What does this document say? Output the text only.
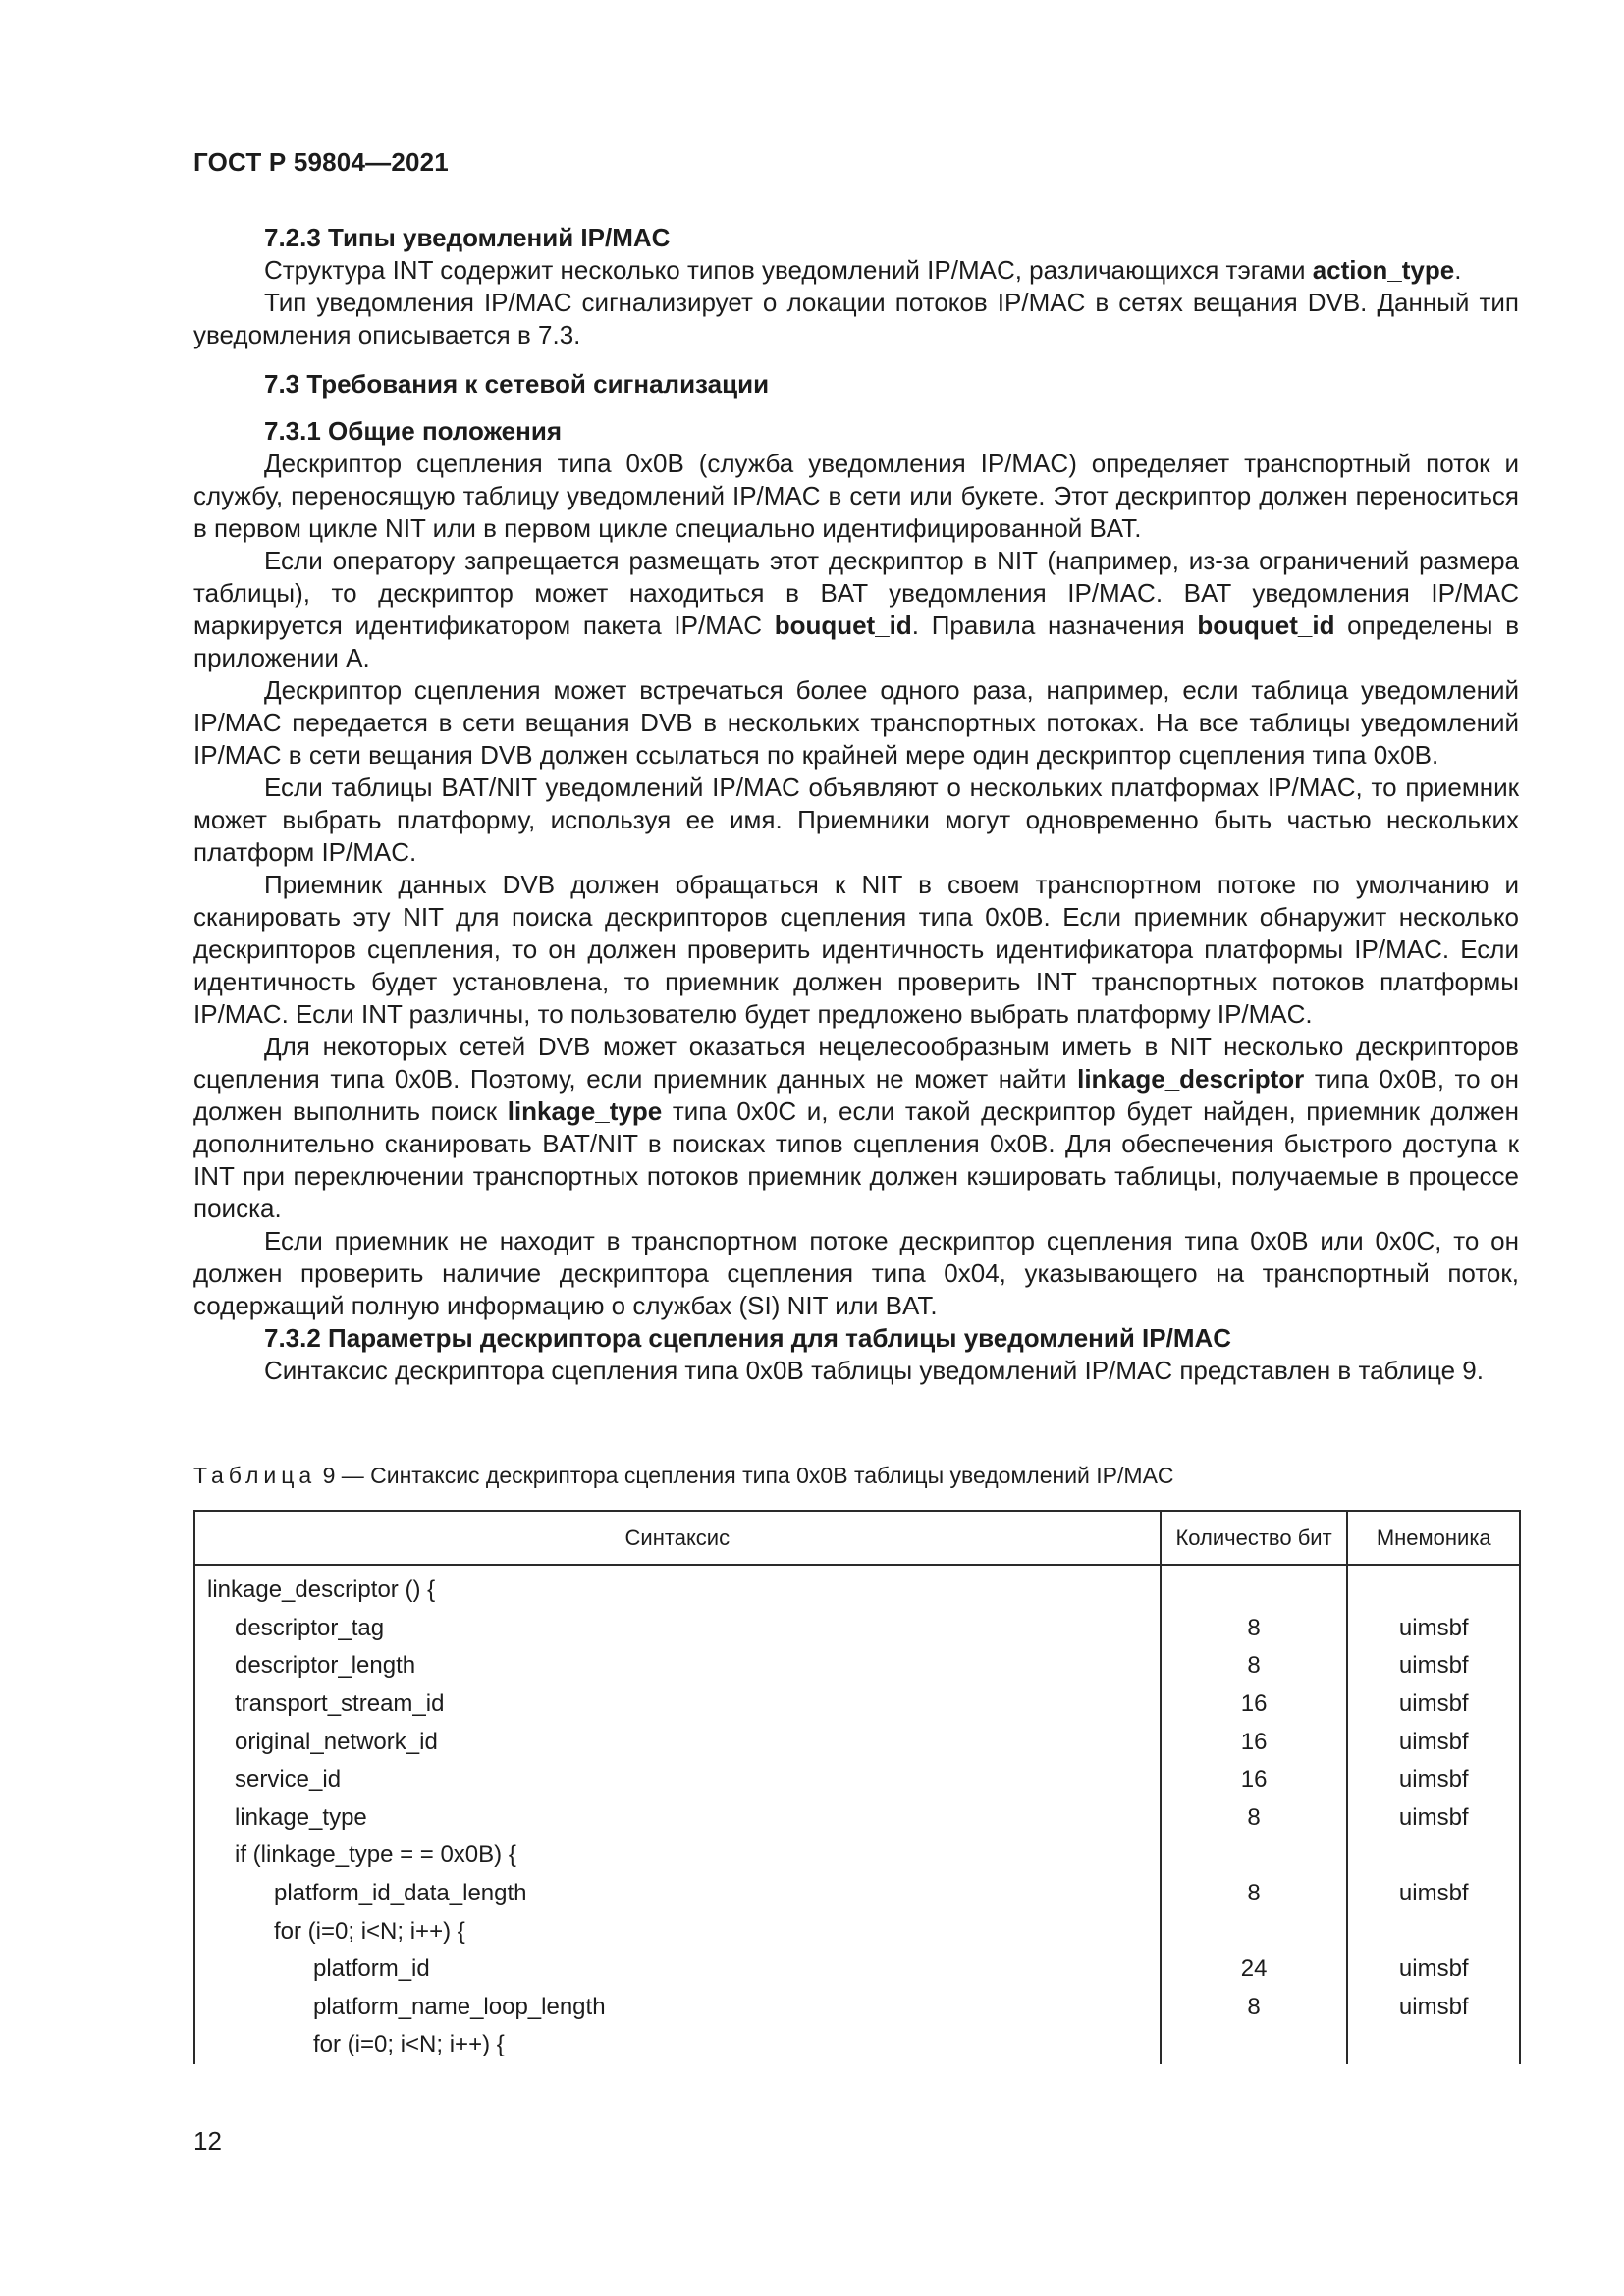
ГОСТ Р 59804—2021
7.2.3 Типы уведомлений IP/MAC

Структура INT содержит несколько типов уведомлений IP/MAC, различающихся тэгами action_type.

Тип уведомления IP/MAC сигнализирует о локации потоков IP/MAC в сетях вещания DVB. Данный тип уведомления описывается в 7.3.

7.3 Требования к сетевой сигнализации
7.3.1 Общие положения

Дескриптор сцепления типа 0x0B (служба уведомления IP/MAC) определяет транспортный поток и службу, переносящую таблицу уведомлений IP/MAC в сети или букете. Этот дескриптор должен переноситься в первом цикле NIT или в первом цикле специально идентифицированной BAT.

Если оператору запрещается размещать этот дескриптор в NIT (например, из-за ограничений размера таблицы), то дескриптор может находиться в BAT уведомления IP/MAC. BAT уведомления IP/MAC маркируется идентификатором пакета IP/MAC bouquet_id. Правила назначения bouquet_id определены в приложении А.

Дескриптор сцепления может встречаться более одного раза, например, если таблица уведомлений IP/MAC передается в сети вещания DVB в нескольких транспортных потоках. На все таблицы уведомлений IP/MAC в сети вещания DVB должен ссылаться по крайней мере один дескриптор сцепления типа 0x0B.

Если таблицы BAT/NIT уведомлений IP/MAC объявляют о нескольких платформах IP/MAC, то приемник может выбрать платформу, используя ее имя. Приемники могут одновременно быть частью нескольких платформ IP/MAC.

Приемник данных DVB должен обращаться к NIT в своем транспортном потоке по умолчанию и сканировать эту NIT для поиска дескрипторов сцепления типа 0x0B. Если приемник обнаружит несколько дескрипторов сцепления, то он должен проверить идентичность идентификатора платформы IP/MAC. Если идентичность будет установлена, то приемник должен проверить INT транспортных потоков платформы IP/MAC. Если INT различны, то пользователю будет предложено выбрать платформу IP/MAC.

Для некоторых сетей DVB может оказаться нецелесообразным иметь в NIT несколько дескрипторов сцепления типа 0x0B. Поэтому, если приемник данных не может найти linkage_descriptor типа 0x0B, то он должен выполнить поиск linkage_type типа 0x0C и, если такой дескриптор будет найден, приемник должен дополнительно сканировать BAT/NIT в поисках типов сцепления 0x0B. Для обеспечения быстрого доступа к INT при переключении транспортных потоков приемник должен кэшировать таблицы, получаемые в процессе поиска.

Если приемник не находит в транспортном потоке дескриптор сцепления типа 0x0B или 0x0C, то он должен проверить наличие дескриптора сцепления типа 0x04, указывающего на транспортный поток, содержащий полную информацию о службах (SI) NIT или BAT.

7.3.2 Параметры дескриптора сцепления для таблицы уведомлений IP/MAC

Синтаксис дескриптора сцепления типа 0x0B таблицы уведомлений IP/MAC представлен в таблице 9.

Таблица 9 — Синтаксис дескриптора сцепления типа 0x0B таблицы уведомлений IP/MAC
Синтаксис	Количество бит	Мнемоника
linkage_descriptor () {		
descriptor_tag	8	uimsbf
descriptor_length	8	uimsbf
transport_stream_id	16	uimsbf
original_network_id	16	uimsbf
service_id	16	uimsbf
linkage_type	8	uimsbf
if (linkage_type = = 0x0B) {		
platform_id_data_length	8	uimsbf
for (i=0; i<N; i++) {		
platform_id	24	uimsbf
platform_name_loop_length	8	uimsbf
for (i=0; i<N; i++) {		
12
